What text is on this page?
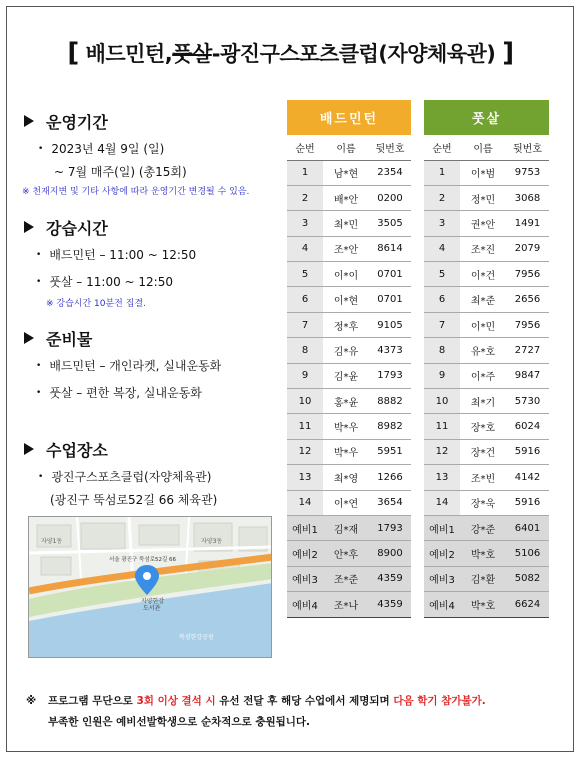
[ 배드민턴,풋살-광진구스포츠클럽(자양체육관) ]
운영기간
• 2023년 4월 9일 (일)
~ 7월 매주(일) (총15회)
※ 천재지변 및 기타 사항에 따라 운영기간 변경될 수 있음.
강습시간
• 배드민턴 – 11:00 ~ 12:50
• 풋살 – 11:00 ~ 12:50
※ 강습시간 10분전 집결.
준비물
• 배드민턴 – 개인라켓, 실내운동화
• 풋살 – 편한 복장, 실내운동화
수업장소
• 광진구스포츠클럽(자양체육관)
(광진구 뚝섬로52길 66 체육관)
서울 광진구 뚝섬로52길 66
자양한강
도서관
자양1동	자양3동
뚝섬한강공원
배드민턴		
순번	이름	뒷번호
1	남*현	2354
2	배*안	0200
3	최*민	3505
4	조*안	8614
5	이*이	0701
6	이*현	0701
7	정*후	9105
8	김*유	4373
9	김*윤	1793
10	홍*윤	8882
11	박*우	8982
12	박*우	5951
13	최*영	1266
14	이*연	3654
예비1	김*재	1793
예비2	안*후	8900
예비3	조*준	4359
예비4	조*나	4359
풋살		
순번	이름	뒷번호
1	이*범	9753
2	정*민	3068
3	권*안	1491
4	조*진	2079
5	이*건	7956
6	최*준	2656
7	이*민	7956
8	유*호	2727
9	이*주	9847
10	최*기	5730
11	장*호	6024
12	장*건	5916
13	조*빈	4142
14	장*욱	5916
예비1	강*준	6401
예비2	박*호	5106
예비3	김*환	5082
예비4	박*호	6624
※ 프로그램 무단으로 3회 이상 결석 시 유선 전달 후 해당 수업에서 제명되며 다음 학기 참가불가.
부족한 인원은 예비선발학생으로 순차적으로 충원됩니다.
